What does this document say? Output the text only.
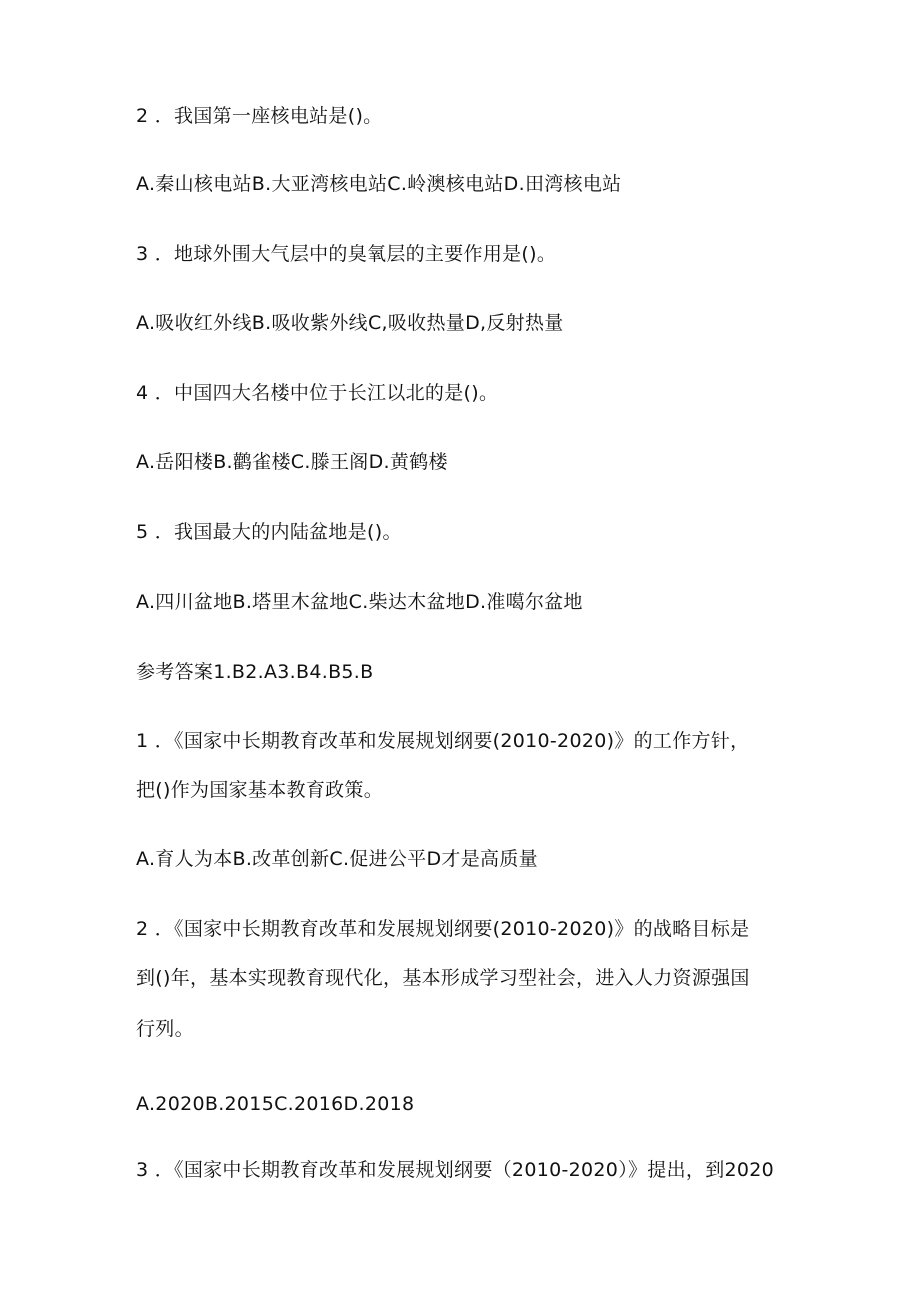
2 ．我国第一座核电站是()。
A.秦山核电站B.大亚湾核电站C.岭澳核电站D.田湾核电站
3 ．地球外围大气层中的臭氧层的主要作用是()。
A.吸收红外线B.吸收紫外线C,吸收热量D,反射热量
4 ．中国四大名楼中位于长江以北的是()。
A.岳阳楼B.鹳雀楼C.滕王阁D.黄鹤楼
5 ．我国最大的内陆盆地是()。
A.四川盆地B.塔里木盆地C.柴达木盆地D.准噶尔盆地
参考答案1.B2.A3.B4.B5.B
1 ．《国家中长期教育改革和发展规划纲要(2010-2020)》的工作方针，
把()作为国家基本教育政策。
A.育人为本B.改革创新C.促进公平D才是高质量
2 ．《国家中长期教育改革和发展规划纲要(2010-2020)》的战略目标是
到()年，基本实现教育现代化，基本形成学习型社会，进入人力资源强国
行列。
A.2020B.2015C.2016D.2018
3 ．《国家中长期教育改革和发展规划纲要（2010-2020）》提出，到2020
